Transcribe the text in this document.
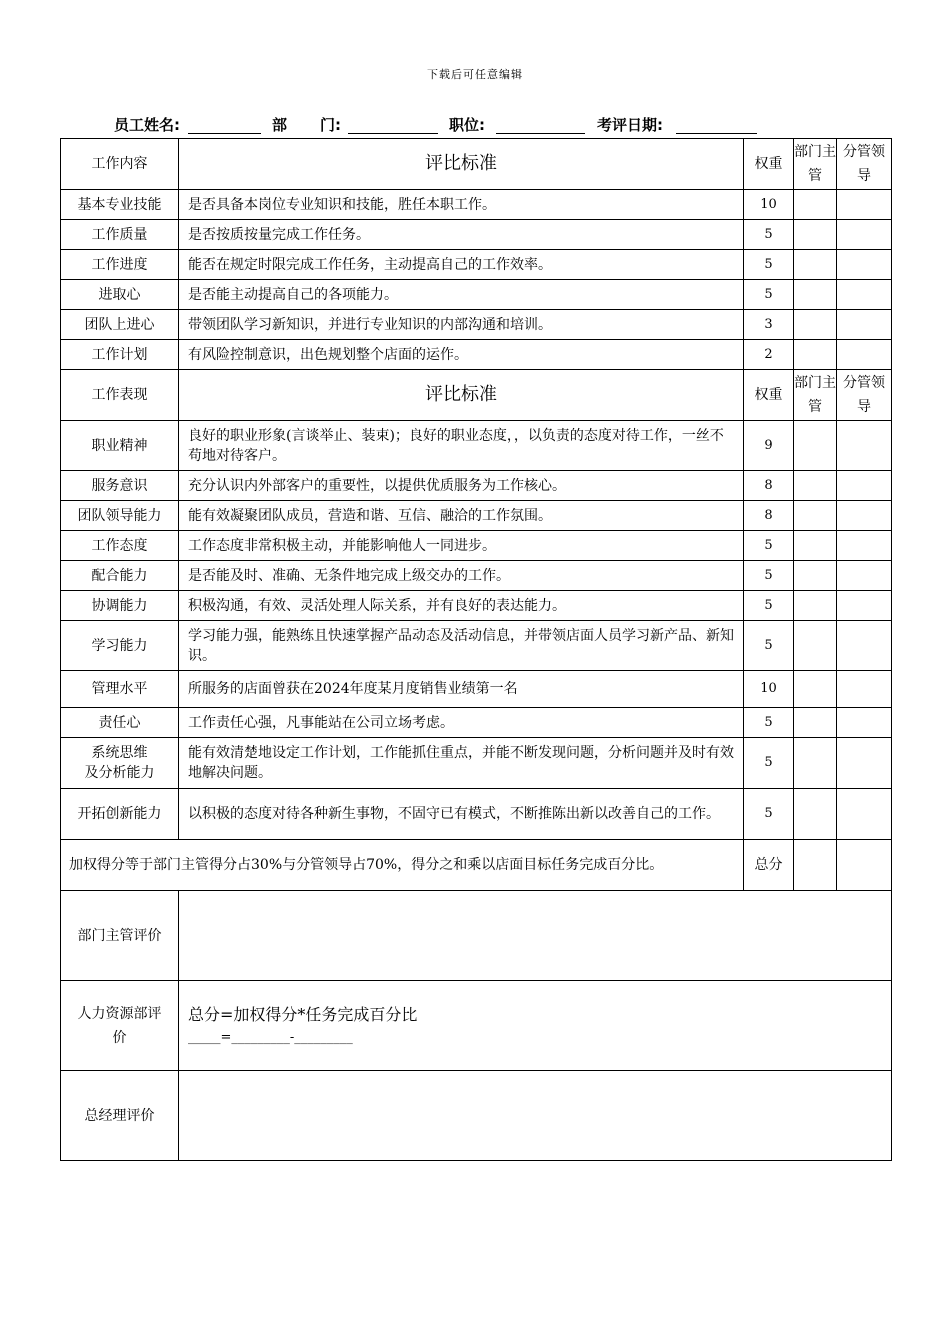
下载后可任意编辑
员工姓名:	部 门:	职位:	考评日期:
工作内容	评比标准	权重	部门主管	分管领导
基本专业技能	是否具备本岗位专业知识和技能，胜任本职工作。	10		
工作质量	是否按质按量完成工作任务。	5		
工作进度	能否在规定时限完成工作任务，主动提高自己的工作效率。	5		
进取心	是否能主动提高自己的各项能力。	5		
团队上进心	带领团队学习新知识，并进行专业知识的内部沟通和培训。	3		
工作计划	有风险控制意识，出色规划整个店面的运作。	2		
工作表现	评比标准	权重	部门主管	分管领导
职业精神	良好的职业形象(言谈举止、装束)；良好的职业态度，，以负责的态度对待工作，一丝不苟地对待客户。	9		
服务意识	充分认识内外部客户的重要性，以提供优质服务为工作核心。	8		
团队领导能力	能有效凝聚团队成员，营造和谐、互信、融洽的工作氛围。	8		
工作态度	工作态度非常积极主动，并能影响他人一同进步。	5		
配合能力	是否能及时、准确、无条件地完成上级交办的工作。	5		
协调能力	积极沟通，有效、灵活处理人际关系，并有良好的表达能力。	5		
学习能力	学习能力强，能熟练且快速掌握产品动态及活动信息，并带领店面人员学习新产品、新知识。	5		
管理水平	所服务的店面曾获在2024年度某月度销售业绩第一名	10		
责任心	工作责任心强，凡事能站在公司立场考虑。	5		

系统思维
及分析能力	能有效清楚地设定工作计划，工作能抓住重点，并能不断发现问题，分析问题并及时有效地解决问题。	5		
开拓创新能力	以积极的态度对待各种新生事物，不固守已有模式，不断推陈出新以改善自己的工作。	5		
加权得分等于部门主管得分占30%与分管领导占70%，得分之和乘以店面目标任务完成百分比。		总分		
部门主管评价				

人力资源部评价	总分=加权得分*任务完成百分比
_____=_________-_________			

总经理评价				
